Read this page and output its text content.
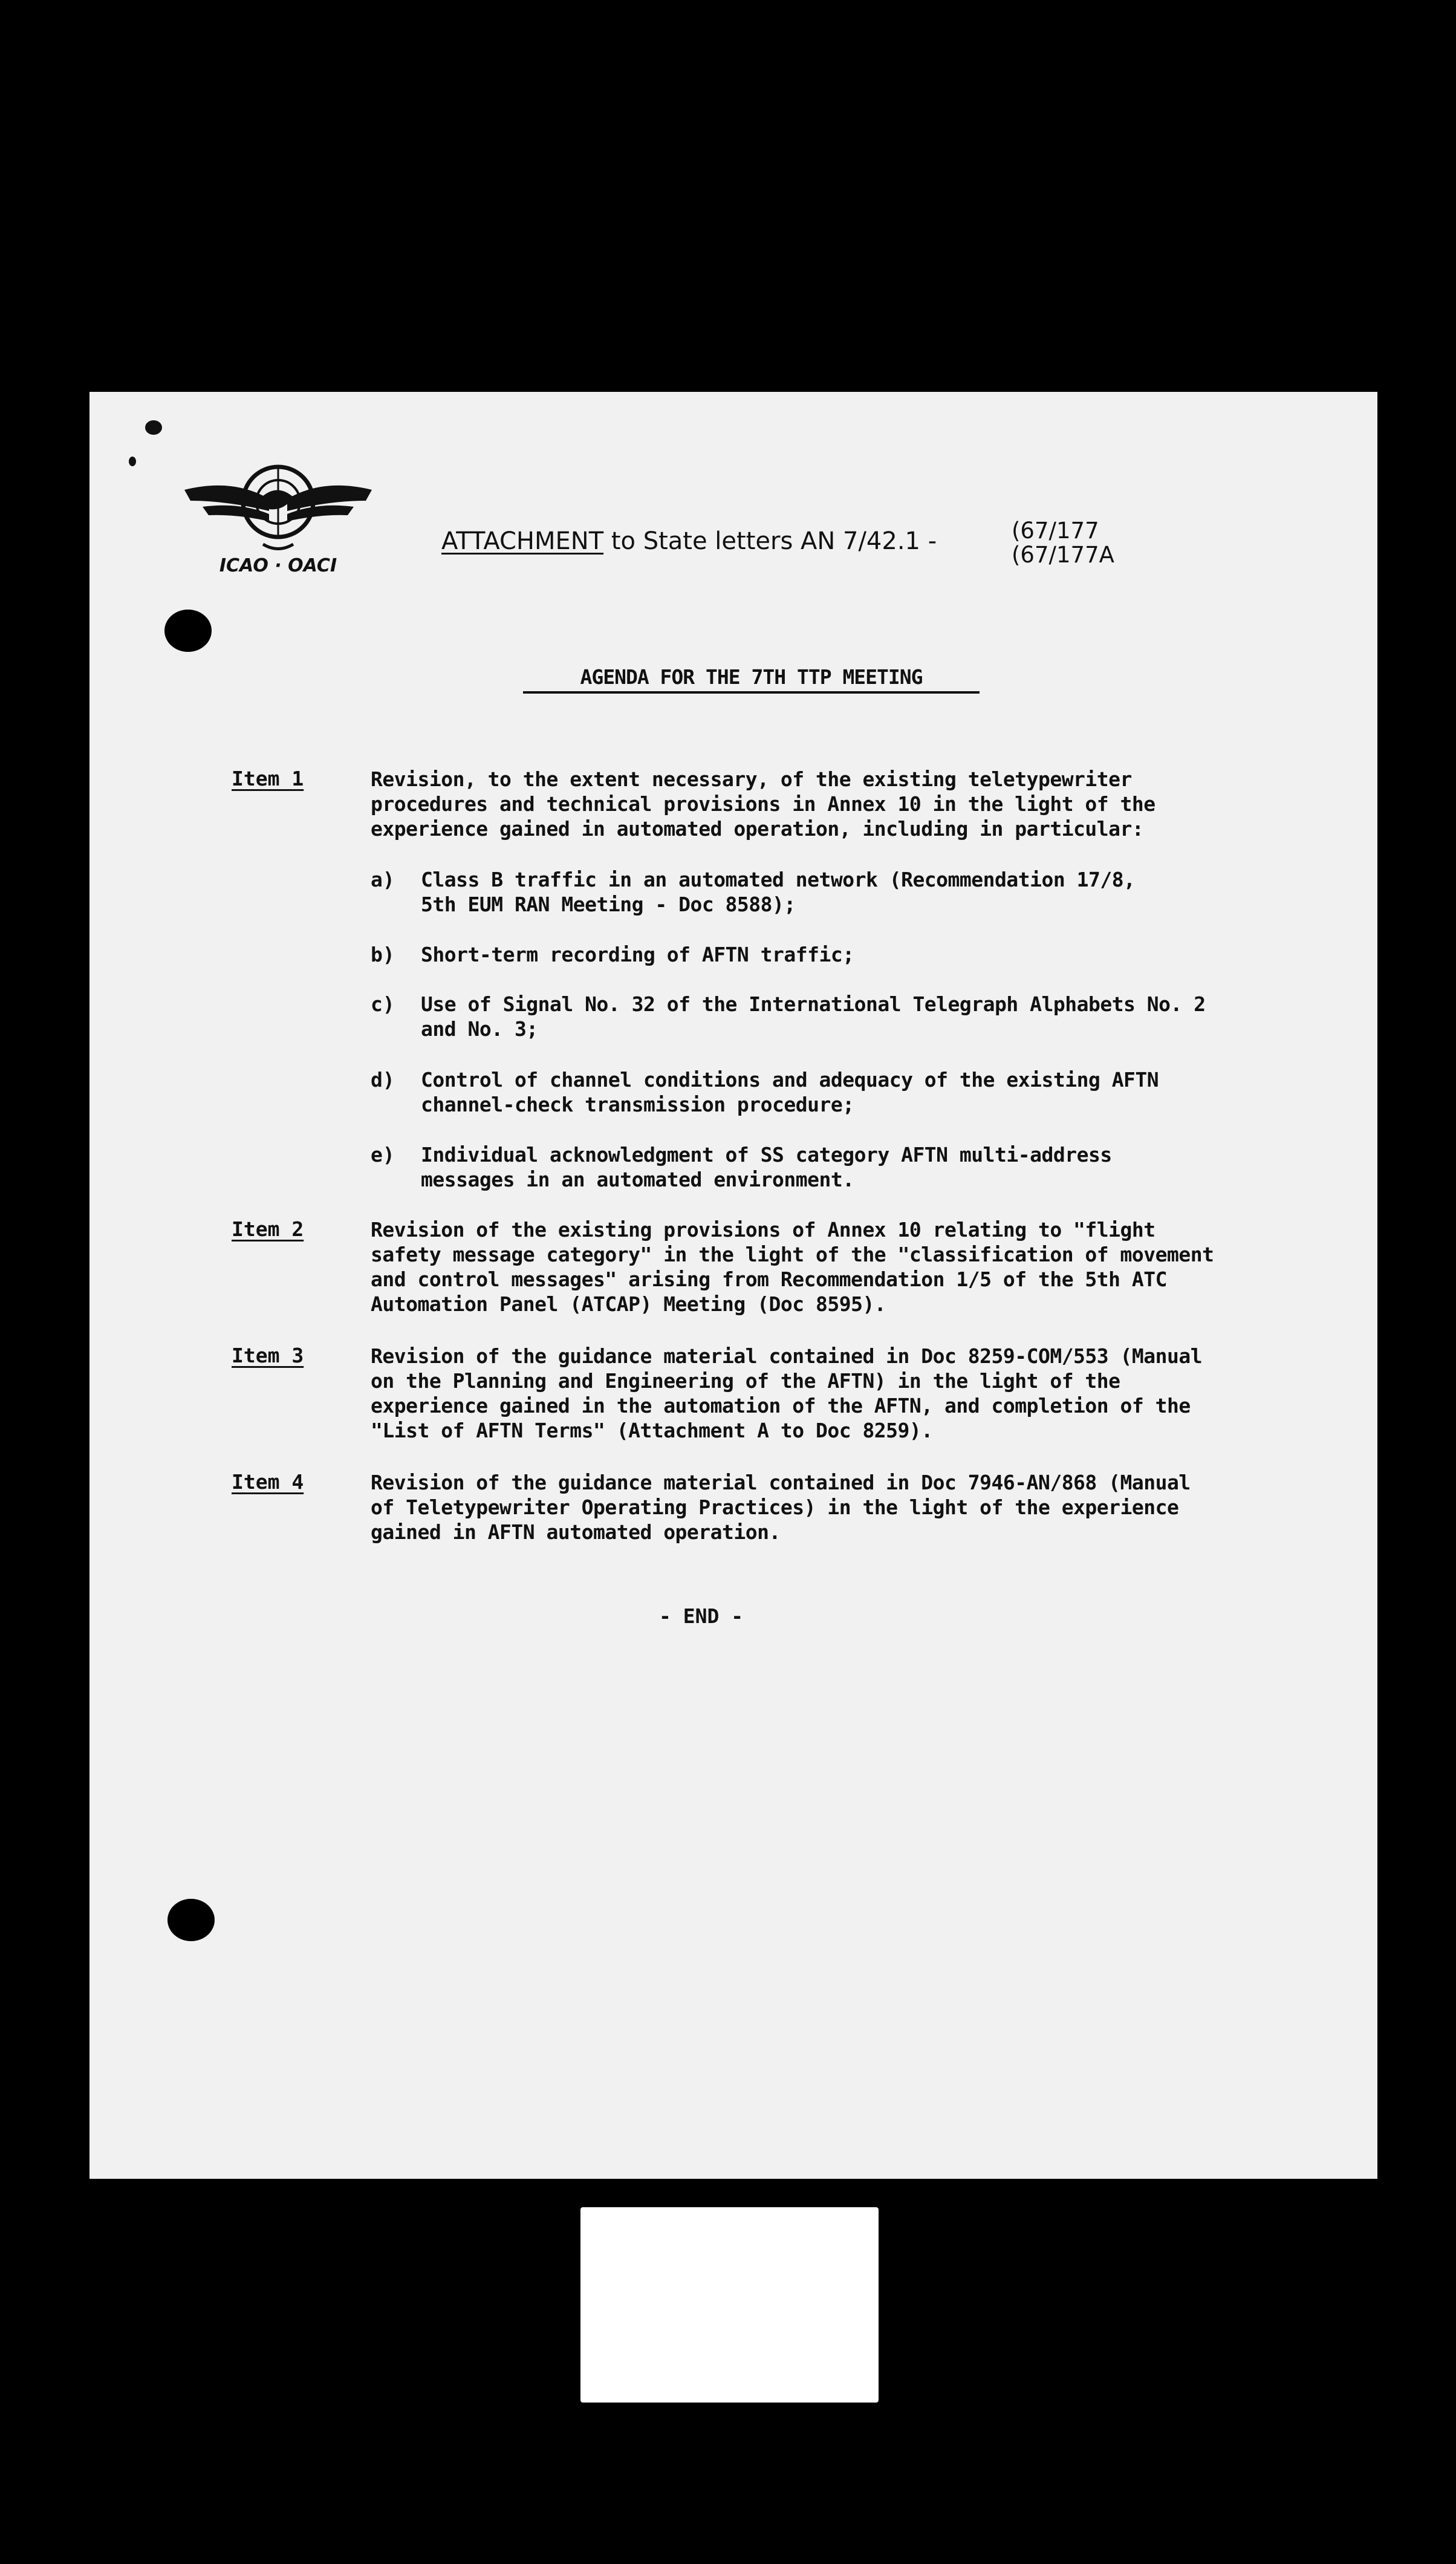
ICAO · OACI
ATTACHMENT to State letters AN 7/42.1 -	(67/177
(67/177A
AGENDA FOR THE 7TH TTP MEETING
Item 1	Revision, to the extent necessary, of the existing teletypewriter
procedures and technical provisions in Annex 10 in the light of the
experience gained in automated operation, including in particular:
a) Class B traffic in an automated network (Recommendation 17/8,
5th EUM RAN Meeting - Doc 8588);
b) Short-term recording of AFTN traffic;
c) Use of Signal No. 32 of the International Telegraph Alphabets No. 2
and No. 3;
d) Control of channel conditions and adequacy of the existing AFTN
channel-check transmission procedure;
e) Individual acknowledgment of SS category AFTN multi-address
messages in an automated environment.
Item 2	Revision of the existing provisions of Annex 10 relating to "flight
safety message category" in the light of the "classification of movement
and control messages" arising from Recommendation 1/5 of the 5th ATC
Automation Panel (ATCAP) Meeting (Doc 8595).
Item 3	Revision of the guidance material contained in Doc 8259-COM/553 (Manual
on the Planning and Engineering of the AFTN) in the light of the
experience gained in the automation of the AFTN, and completion of the
"List of AFTN Terms" (Attachment A to Doc 8259).
Item 4	Revision of the guidance material contained in Doc 7946-AN/868 (Manual
of Teletypewriter Operating Practices) in the light of the experience
gained in AFTN automated operation.
- END -
